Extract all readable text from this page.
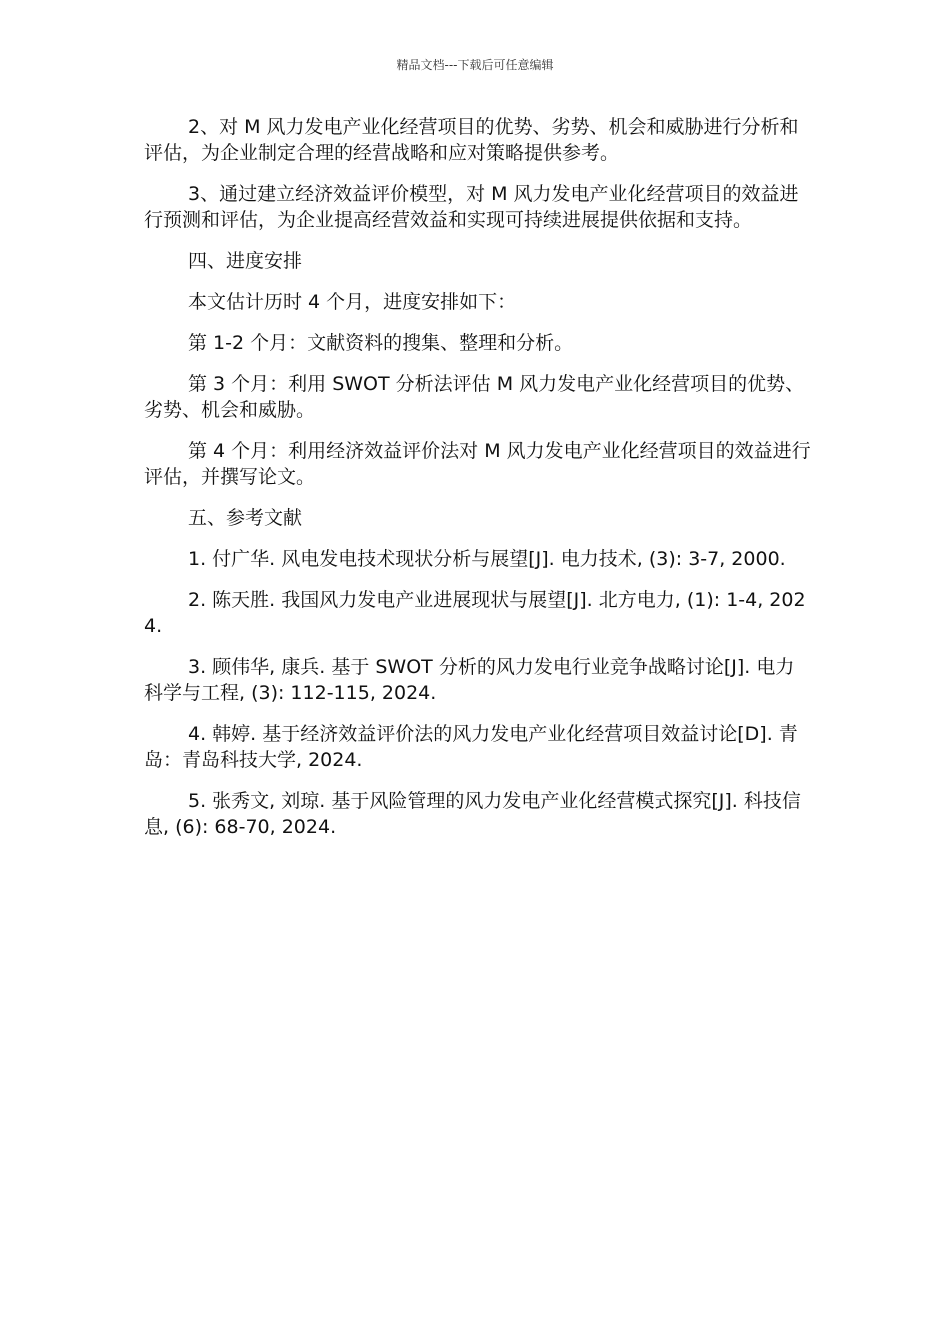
精品文档---下载后可任意编辑

2、对 M 风力发电产业化经营项目的优势、劣势、机会和威胁进行分析和评估，为企业制定合理的经营战略和应对策略提供参考。

3、通过建立经济效益评价模型，对 M 风力发电产业化经营项目的效益进行预测和评估，为企业提高经营效益和实现可持续进展提供依据和支持。

四、进度安排

本文估计历时 4 个月，进度安排如下：

第 1-2 个月：文献资料的搜集、整理和分析。

第 3 个月：利用 SWOT 分析法评估 M 风力发电产业化经营项目的优势、劣势、机会和威胁。

第 4 个月：利用经济效益评价法对 M 风力发电产业化经营项目的效益进行评估，并撰写论文。

五、参考文献

1. 付广华. 风电发电技术现状分析与展望[J]. 电力技术, (3): 3-7, 2000.

2. 陈天胜. 我国风力发电产业进展现状与展望[J]. 北方电力, (1): 1-4, 2024.

3. 顾伟华, 康兵. 基于 SWOT 分析的风力发电行业竞争战略讨论[J]. 电力科学与工程, (3): 112-115, 2024.

4. 韩婷. 基于经济效益评价法的风力发电产业化经营项目效益讨论[D]. 青岛：青岛科技大学, 2024.

5. 张秀文, 刘琼. 基于风险管理的风力发电产业化经营模式探究[J]. 科技信息, (6): 68-70, 2024.
